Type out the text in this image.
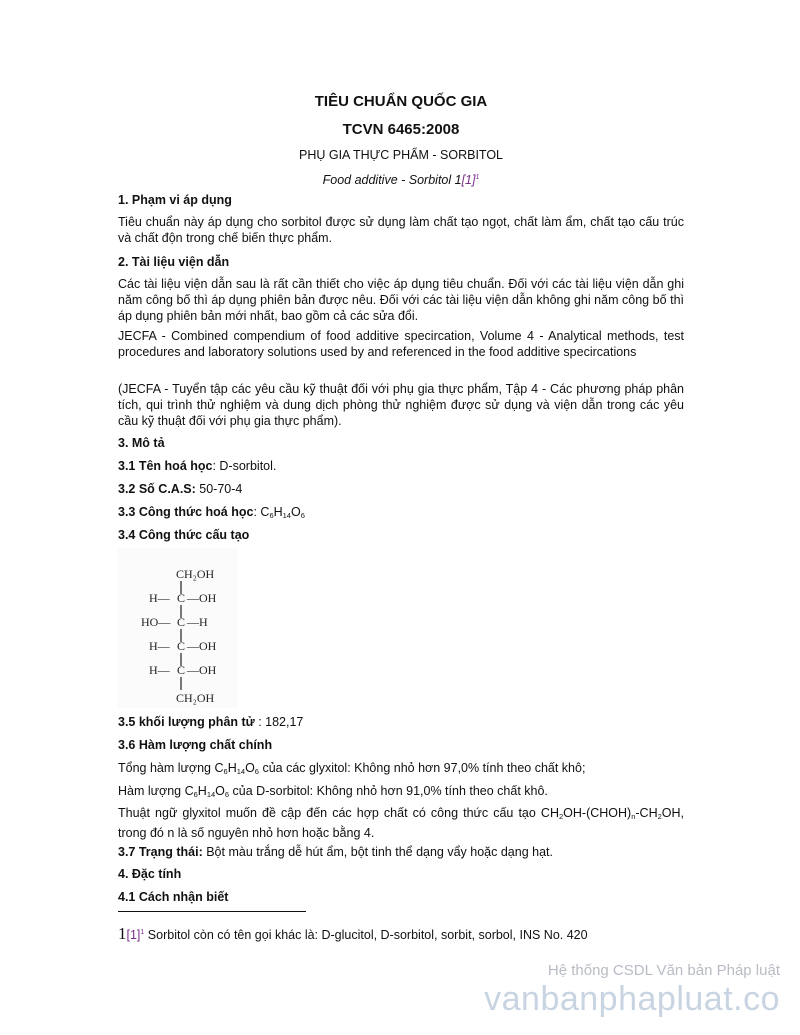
TIÊU CHUẨN QUỐC GIA
TCVN 6465:2008
PHỤ GIA THỰC PHẨM - SORBITOL
Food additive - Sorbitol 1[1]$^1$
1. Phạm vi áp dụng
Tiêu chuẩn này áp dụng cho sorbitol được sử dụng làm chất tạo ngọt, chất làm ẩm, chất tạo cấu trúc và chất độn trong chế biến thực phẩm.
2. Tài liệu viện dẫn
Các tài liệu viện dẫn sau là rất cần thiết cho việc áp dụng tiêu chuẩn. Đối với các tài liệu viện dẫn ghi năm công bố thì áp dụng phiên bản được nêu. Đối với các tài liệu viện dẫn không ghi năm công bố thì áp dụng phiên bản mới nhất, bao gồm cả các sửa đổi.
JECFA - Combined compendium of food additive specircation, Volume 4 - Analytical methods, test procedures and laboratory solutions used by and referenced in the food additive specircations
(JECFA - Tuyển tập các yêu cầu kỹ thuật đối với phụ gia thực phẩm, Tập 4 - Các phương pháp phân tích, qui trình thử nghiệm và dung dịch phòng thử nghiệm được sử dụng và viện dẫn trong các yêu cầu kỹ thuật đối với phụ gia thực phẩm).
3. Mô tả
3.1 Tên hoá học: D-sorbitol.
3.2 Số C.A.S: 50-70-4
3.3 Công thức hoá học: $C_6H_{14}O_6$
3.4 Công thức cấu tạo
CH₂OH
H— C —OH
HO— C —H
H— C —OH
H— C —OH
CH₂OH
3.5 khối lượng phân tử : 182,17
3.6 Hàm lượng chất chính
Tổng hàm lượng $C_6H_{14}O_6$ của các glyxitol: Không nhỏ hơn 97,0% tính theo chất khô;
Hàm lượng $C_6H_{14}O_6$ của D-sorbitol: Không nhỏ hơn 91,0% tính theo chất khô.
Thuật ngữ glyxitol muốn đề cập đến các hợp chất có công thức cấu tạo $CH_2OH-(CHOH)_n-CH_2OH$, trong đó n là số nguyên nhỏ hơn hoặc bằng 4.
3.7 Trạng thái: Bột màu trắng dễ hút ẩm, bột tinh thể dạng vẩy hoặc dạng hạt.
4. Đặc tính
4.1 Cách nhận biết
1[1]$^1$ Sorbitol còn có tên gọi khác là: D-glucitol, D-sorbitol, sorbit, sorbol, INS No. 420
Hệ thống CSDL Văn bản Pháp luật
vanbanphapluat.co
